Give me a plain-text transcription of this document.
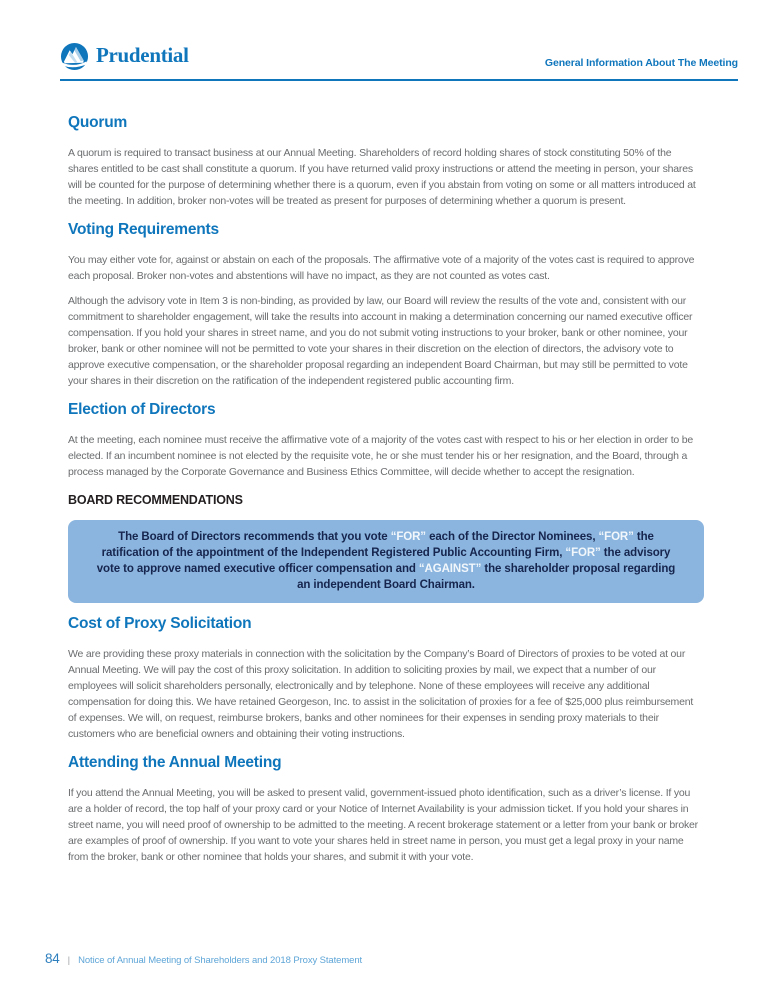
Prudential	General Information About The Meeting
Quorum

A quorum is required to transact business at our Annual Meeting. Shareholders of record holding shares of stock constituting 50% of the shares entitled to be cast shall constitute a quorum. If you have returned valid proxy instructions or attend the meeting in person, your shares will be counted for the purpose of determining whether there is a quorum, even if you abstain from voting on some or all matters introduced at the meeting. In addition, broker non-votes will be treated as present for purposes of determining whether a quorum is present.

Voting Requirements

You may either vote for, against or abstain on each of the proposals. The affirmative vote of a majority of the votes cast is required to approve each proposal. Broker non-votes and abstentions will have no impact, as they are not counted as votes cast.

Although the advisory vote in Item 3 is non-binding, as provided by law, our Board will review the results of the vote and, consistent with our commitment to shareholder engagement, will take the results into account in making a determination concerning our named executive officer compensation. If you hold your shares in street name, and you do not submit voting instructions to your broker, bank or other nominee, your broker, bank or other nominee will not be permitted to vote your shares in their discretion on the election of directors, the advisory vote to approve executive compensation, or the shareholder proposal regarding an independent Board Chairman, but may still be permitted to vote your shares in their discretion on the ratification of the independent registered public accounting firm.

Election of Directors

At the meeting, each nominee must receive the affirmative vote of a majority of the votes cast with respect to his or her election in order to be elected. If an incumbent nominee is not elected by the requisite vote, he or she must tender his or her resignation, and the Board, through a process managed by the Corporate Governance and Business Ethics Committee, will decide whether to accept the resignation.

BOARD RECOMMENDATIONS
The Board of Directors recommends that you vote “FOR” each of the Director Nominees, “FOR” the ratification of the appointment of the Independent Registered Public Accounting Firm, “FOR” the advisory vote to approve named executive officer compensation and “AGAINST” the shareholder proposal regarding an independent Board Chairman.
Cost of Proxy Solicitation

We are providing these proxy materials in connection with the solicitation by the Company’s Board of Directors of proxies to be voted at our Annual Meeting. We will pay the cost of this proxy solicitation. In addition to soliciting proxies by mail, we expect that a number of our employees will solicit shareholders personally, electronically and by telephone. None of these employees will receive any additional compensation for doing this. We have retained Georgeson, Inc. to assist in the solicitation of proxies for a fee of $25,000 plus reimbursement of expenses. We will, on request, reimburse brokers, banks and other nominees for their expenses in sending proxy materials to their customers who are beneficial owners and obtaining their voting instructions.

Attending the Annual Meeting

If you attend the Annual Meeting, you will be asked to present valid, government-issued photo identification, such as a driver’s license. If you are a holder of record, the top half of your proxy card or your Notice of Internet Availability is your admission ticket. If you hold your shares in street name, you will need proof of ownership to be admitted to the meeting. A recent brokerage statement or a letter from your bank or broker are examples of proof of ownership. If you want to vote your shares held in street name in person, you must get a legal proxy in your name from the broker, bank or other nominee that holds your shares, and submit it with your vote.

84 | Notice of Annual Meeting of Shareholders and 2018 Proxy Statement
